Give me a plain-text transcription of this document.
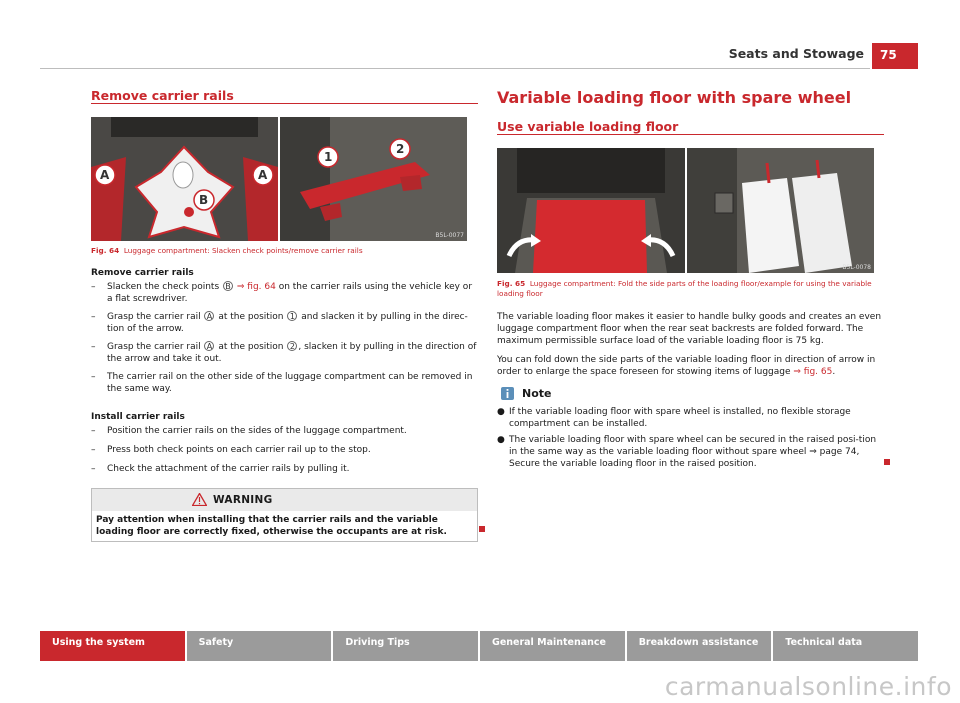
Seats and Stowage	75
Remove carrier rails
A	A
B
1
2
B5L-0077
Fig. 64 Luggage compartment: Slacken check points/remove carrier rails
Remove carrier rails
– Slacken the check points B ⇒ fig. 64 on the carrier rails using the vehicle key or a flat screwdriver.
– Grasp the carrier rail A at the position 1 and slacken it by pulling in the direc-tion of the arrow.
– Grasp the carrier rail A at the position 2 , slacken it by pulling in the direction of the arrow and take it out.
– The carrier rail on the other side of the luggage compartment can be removed in the same way.
Install carrier rails
– Position the carrier rails on the sides of the luggage compartment.
– Press both check points on each carrier rail up to the stop.
– Check the attachment of the carrier rails by pulling it.
WARNING
Pay attention when installing that the carrier rails and the variable loading floor are correctly fixed, otherwise the occupants are at risk.
Variable loading floor with spare wheel
Use variable loading floor
B5L-0078
Fig. 65 Luggage compartment: Fold the side parts of the loading floor/example for using the variable loading floor
The variable loading floor makes it easier to handle bulky goods and creates an even luggage compartment floor when the rear seat backrests are folded forward. The maximum permissible surface load of the variable loading floor is 75 kg.
You can fold down the side parts of the variable loading floor in direction of arrow in order to enlarge the space foreseen for stowing items of luggage ⇒ fig. 65.
Note
● If the variable loading floor with spare wheel is installed, no flexible storage compartment can be installed.
● The variable loading floor with spare wheel can be secured in the raised posi-tion in the same way as the variable loading floor without spare wheel ⇒ page 74, Secure the variable loading floor in the raised position.
Using the system	Safety	Driving Tips	General Maintenance	Breakdown assistance	Technical data
carmanualsonline.info
